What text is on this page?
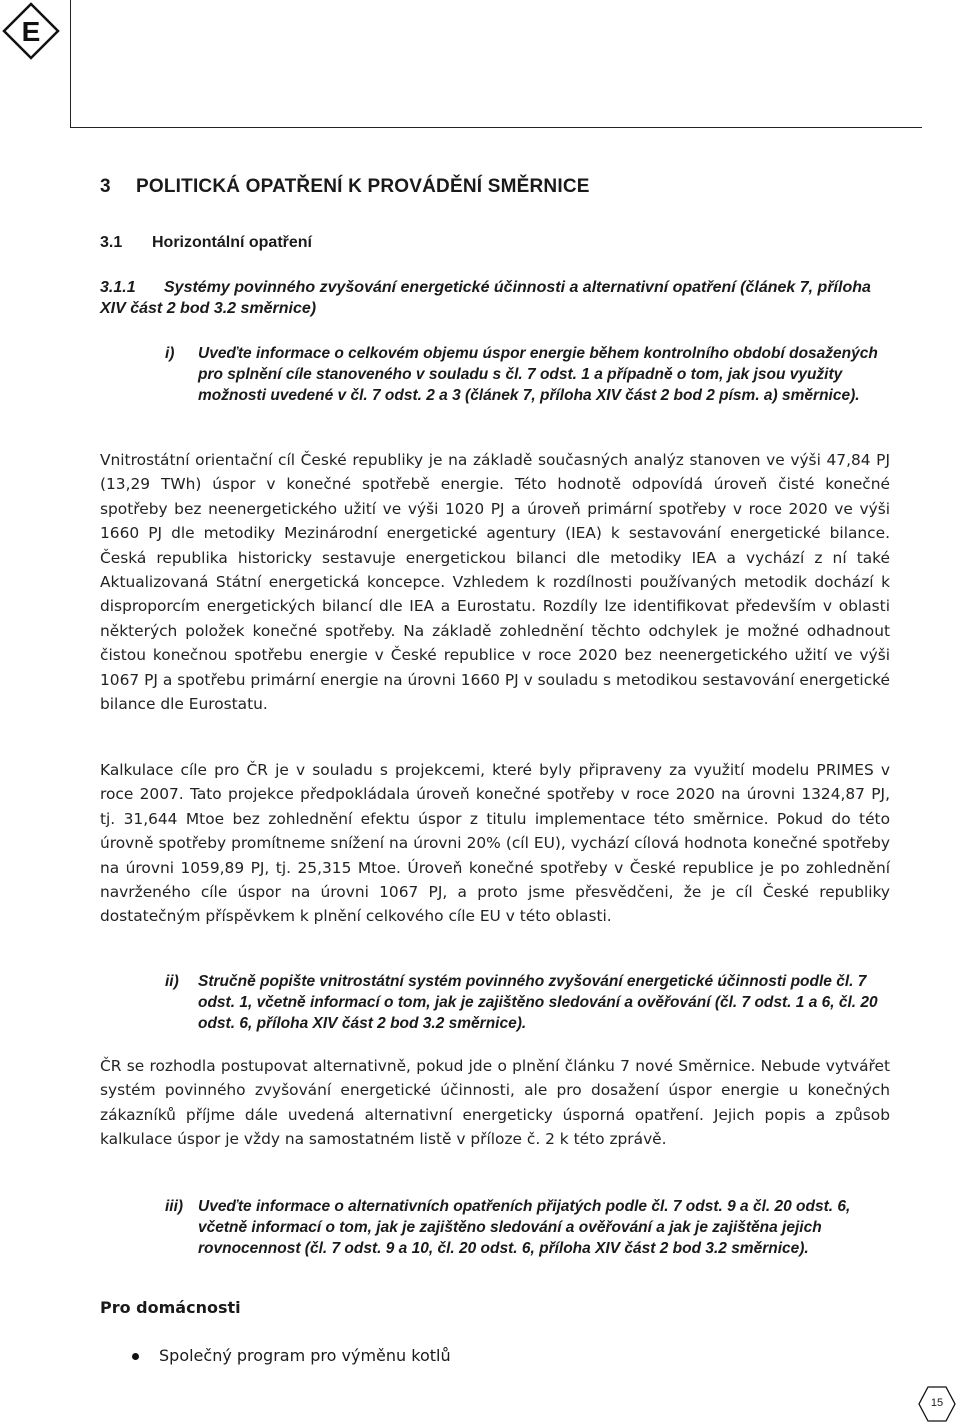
E
3 POLITICKÁ OPATŘENÍ K PROVÁDĚNÍ SMĚRNICE
3.1 Horizontální opatření
3.1.1 Systémy povinného zvyšování energetické účinnosti a alternativní opatření (článek 7, příloha XIV část 2 bod 3.2 směrnice)
i) Uveďte informace o celkovém objemu úspor energie během kontrolního období dosažených pro splnění cíle stanoveného v souladu s čl. 7 odst. 1 a případně o tom, jak jsou využity možnosti uvedené v čl. 7 odst. 2 a 3 (článek 7, příloha XIV část 2 bod 2 písm. a) směrnice).
Vnitrostátní orientační cíl České republiky je na základě současných analýz stanoven ve výši 47,84 PJ (13,29 TWh) úspor v konečné spotřebě energie. Této hodnotě odpovídá úroveň čisté konečné spotřeby bez neenergetického užití ve výši 1020 PJ a úroveň primární spotřeby v roce 2020 ve výši 1660 PJ dle metodiky Mezinárodní energetické agentury (IEA) k sestavování energetické bilance. Česká republika historicky sestavuje energetickou bilanci dle metodiky IEA a vychází z ní také Aktualizovaná Státní energetická koncepce. Vzhledem k rozdílnosti používaných metodik dochází k disproporcím energetických bilancí dle IEA a Eurostatu. Rozdíly lze identifikovat především v oblasti některých položek konečné spotřeby. Na základě zohlednění těchto odchylek je možné odhadnout čistou konečnou spotřebu energie v České republice v roce 2020 bez neenergetického užití ve výši 1067 PJ a spotřebu primární energie na úrovni 1660 PJ v souladu s metodikou sestavování energetické bilance dle Eurostatu.
Kalkulace cíle pro ČR je v souladu s projekcemi, které byly připraveny za využití modelu PRIMES v roce 2007. Tato projekce předpokládala úroveň konečné spotřeby v roce 2020 na úrovni 1324,87 PJ, tj. 31,644 Mtoe bez zohlednění efektu úspor z titulu implementace této směrnice. Pokud do této úrovně spotřeby promítneme snížení na úrovni 20% (cíl EU), vychází cílová hodnota konečné spotřeby na úrovni 1059,89 PJ, tj. 25,315 Mtoe. Úroveň konečné spotřeby v České republice je po zohlednění navrženého cíle úspor na úrovni 1067 PJ, a proto jsme přesvědčeni, že je cíl České republiky dostatečným příspěvkem k plnění celkového cíle EU v této oblasti.
ii) Stručně popište vnitrostátní systém povinného zvyšování energetické účinnosti podle čl. 7 odst. 1, včetně informací o tom, jak je zajištěno sledování a ověřování (čl. 7 odst. 1 a 6, čl. 20 odst. 6, příloha XIV část 2 bod 3.2 směrnice).
ČR se rozhodla postupovat alternativně, pokud jde o plnění článku 7 nové Směrnice. Nebude vytvářet systém povinného zvyšování energetické účinnosti, ale pro dosažení úspor energie u konečných zákazníků příjme dále uvedená alternativní energeticky úsporná opatření. Jejich popis a způsob kalkulace úspor je vždy na samostatném listě v příloze č. 2 k této zprávě.
iii) Uveďte informace o alternativních opatřeních přijatých podle čl. 7 odst. 9 a čl. 20 odst. 6, včetně informací o tom, jak je zajištěno sledování a ověřování a jak je zajištěna jejich rovnocennost (čl. 7 odst. 9 a 10, čl. 20 odst. 6, příloha XIV část 2 bod 3.2 směrnice).
Pro domácnosti
Společný program pro výměnu kotlů
15
